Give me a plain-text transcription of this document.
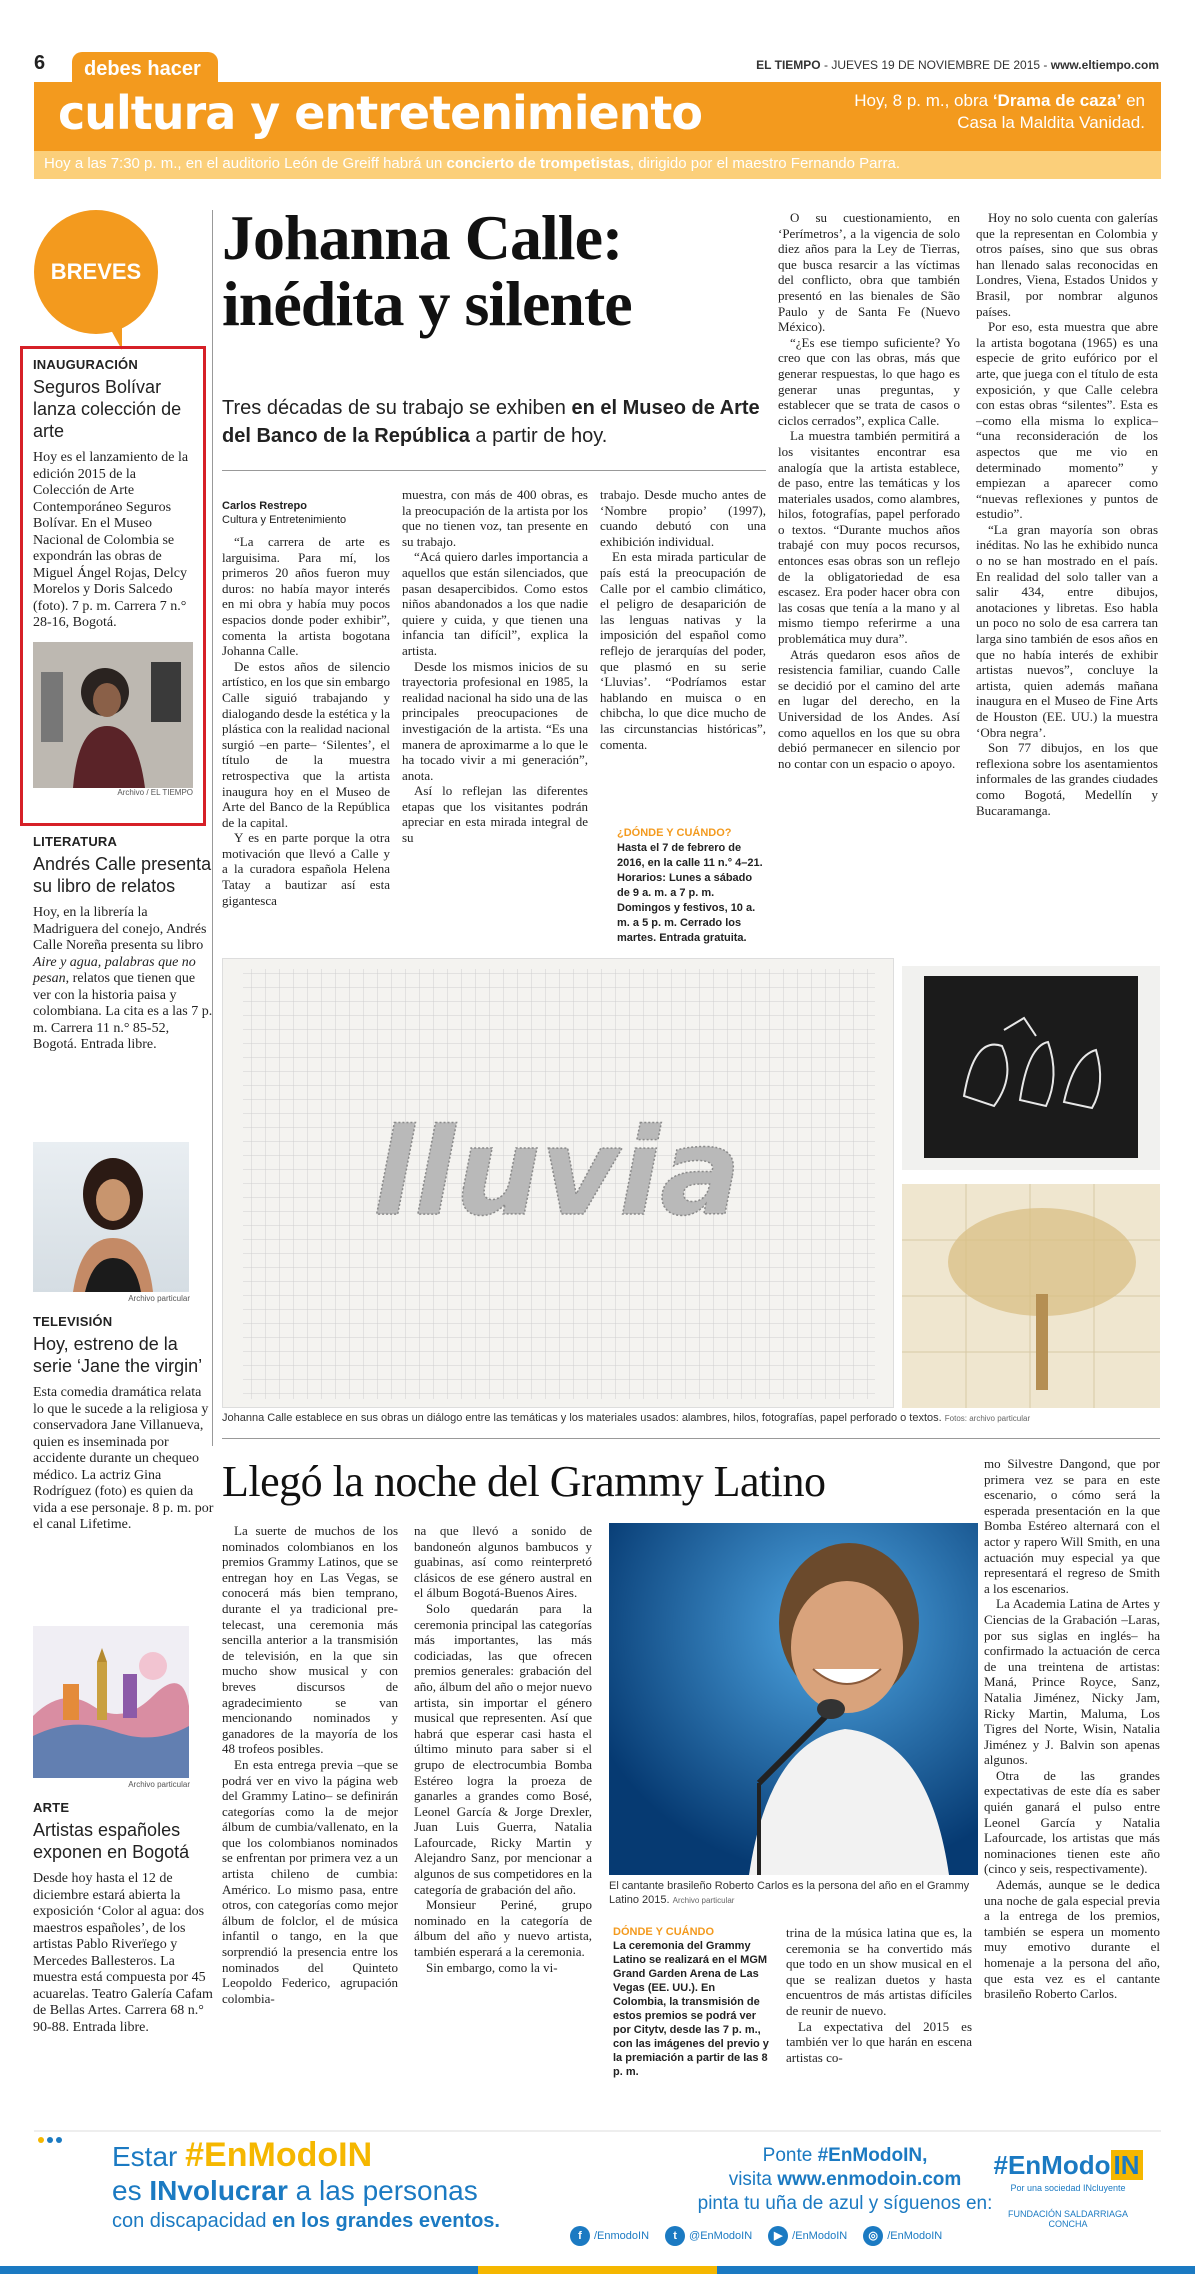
6	debes hacer	EL TIEMPO - JUEVES 19 DE NOVIEMBRE DE 2015 - www.eltiempo.com
cultura y entretenimiento	Hoy, 8 p. m., obra ‘Drama de caza’ en Casa la Maldita Vanidad.
Hoy a las 7:30 p. m., en el auditorio León de Greiff habrá un concierto de trompetistas, dirigido por el maestro Fernando Parra.
BREVES
INAUGURACIÓN
Seguros Bolívar lanza colección de arte
Hoy es el lanzamiento de la edición 2015 de la Colección de Arte Contemporáneo Seguros Bolívar. En el Museo Nacional de Colombia se expondrán las obras de Miguel Ángel Rojas, Delcy Morelos y Doris Salcedo (foto). 7 p. m. Carrera 7 n.° 28-16, Bogotá.
Archivo / EL TIEMPO
LITERATURA
Andrés Calle presenta su libro de relatos
Hoy, en la librería la Madriguera del conejo, Andrés Calle Noreña presenta su libro Aire y agua, palabras que no pesan, relatos que tienen que ver con la historia paisa y colombiana. La cita es a las 7 p. m. Carrera 11 n.° 85-52, Bogotá. Entrada libre.
Archivo particular
TELEVISIÓN
Hoy, estreno de la serie ‘Jane the virgin’
Esta comedia dramática relata lo que le sucede a la religiosa y conservadora Jane Villanueva, quien es inseminada por accidente durante un chequeo médico. La actriz Gina Rodríguez (foto) es quien da vida a ese personaje. 8 p. m. por el canal Lifetime.
Archivo particular
ARTE
Artistas españoles exponen en Bogotá
Desde hoy hasta el 12 de diciembre estará abierta la exposición ‘Color al agua: dos maestros españoles’, de los artistas Pablo Riverïego y Mercedes Ballesteros. La muestra está compuesta por 45 acuarelas. Teatro Galería Cafam de Bellas Artes. Carrera 68 n.° 90-88. Entrada libre.
Johanna Calle:
inédita y silente
Tres décadas de su trabajo se exhiben en el Museo de Arte del Banco de la República a partir de hoy.
Carlos Restrepo
Cultura y Entretenimiento

“La carrera de arte es larguisima. Para mí, los primeros 20 años fueron muy duros: no había mayor interés en mi obra y había muy pocos espacios donde poder exhibir”, comenta la artista bogotana Johanna Calle.

De estos años de silencio artístico, en los que sin embargo Calle siguió trabajando y dialogando desde la estética y la plástica con la realidad nacional surgió –en parte– ‘Silentes’, el título de la muestra retrospectiva que la artista inaugura hoy en el Museo de Arte del Banco de la República de la capital.

Y es en parte porque la otra motivación que llevó a Calle y a la curadora española Helena Tatay a bautizar así esta gigantesca

muestra, con más de 400 obras, es la preocupación de la artista por los que no tienen voz, tan presente en su trabajo.

“Acá quiero darles importancia a aquellos que están silenciados, que pasan desapercibidos. Como estos niños abandonados a los que nadie quiere y cuida, y que tienen una infancia tan difícil”, explica la artista.

Desde los mismos inicios de su trayectoria profesional en 1985, la realidad nacional ha sido una de las principales preocupaciones de investigación de la artista. “Es una manera de aproximarme a lo que le ha tocado vivir a mi generación”, anota.

Así lo reflejan las diferentes etapas que los visitantes podrán apreciar en esta mirada integral de su

trabajo. Desde mucho antes de ‘Nombre propio’ (1997), cuando debutó con una exhibición individual.

En esta mirada particular de país está la preocupación de Calle por el cambio climático, el peligro de desaparición de las lenguas nativas y la imposición del español como reflejo de jerarquías del poder, que plasmó en su serie ‘Lluvias’. “Podríamos estar hablando en muisca o en chibcha, lo que dice mucho de las circunstancias históricas”, comenta.

¿DÓNDE Y CUÁNDO?
Hasta el 7 de febrero de 2016, en la calle 11 n.° 4–21. Horarios: Lunes a sábado de 9 a. m. a 7 p. m. Domingos y festivos, 10 a. m. a 5 p. m. Cerrado los martes. Entrada gratuita.

O su cuestionamiento, en ‘Perímetros’, a la vigencia de solo diez años para la Ley de Tierras, que busca resarcir a las víctimas del conflicto, obra que también presentó en las bienales de São Paulo y de Santa Fe (Nuevo México).

“¿Es ese tiempo suficiente? Yo creo que con las obras, más que generar respuestas, lo que hago es generar unas preguntas, y establecer que se trata de casos o ciclos cerrados”, explica Calle.

La muestra también permitirá a los visitantes encontrar esa analogía que la artista establece, de paso, entre las temáticas y los materiales usados, como alambres, hilos, fotografías, papel perforado o textos. “Durante muchos años trabajé con muy pocos recursos, entonces esas obras son un reflejo de la obligatoriedad de esa escasez. Era poder hacer obra con las cosas que tenía a la mano y al mismo tiempo referirme a una problemática muy dura”.

Atrás quedaron esos años de resistencia familiar, cuando Calle se decidió por el camino del arte en lugar del derecho, en la Universidad de los Andes. Así como aquellos en los que su obra debió permanecer en silencio por no contar con un espacio o apoyo.

Hoy no solo cuenta con galerías que la representan en Colombia y otros países, sino que sus obras han llenado salas reconocidas en Londres, Viena, Estados Unidos y Brasil, por nombrar algunos países.

Por eso, esta muestra que abre la artista bogotana (1965) es una especie de grito eufórico por el arte, que juega con el título de esta exposición, y que Calle celebra con estas obras “silentes”. Esta es –como ella misma lo explica– “una reconsideración de los aspectos que me vio en determinado momento” y empiezan a aparecer como “nuevas reflexiones y puntos de estudio”.

“La gran mayoría son obras inéditas. No las he exhibido nunca o no se han mostrado en el país. En realidad del solo taller van a salir 434, entre dibujos, anotaciones y libretas. Eso habla un poco no solo de esa carrera tan larga sino también de esos años en que no había interés de exhibir artistas nuevos”, concluye la artista, quien además mañana inaugura en el Museo de Fine Arts de Houston (EE. UU.) la muestra ‘Obra negra’.

Son 77 dibujos, en los que reflexiona sobre los asentamientos informales de las grandes ciudades como Bogotá, Medellín y Bucaramanga.

lluvia
Johanna Calle establece en sus obras un diálogo entre las temáticas y los materiales usados: alambres, hilos, fotografías, papel perforado o textos. Fotos: archivo particular
Llegó la noche del Grammy Latino

La suerte de muchos de los nominados colombianos en los premios Grammy Latinos, que se entregan hoy en Las Vegas, se conocerá más bien temprano, durante el ya tradicional pre-telecast, una ceremonia más sencilla anterior a la transmisión de televisión, en la que sin mucho show musical y con breves discursos de agradecimiento se van mencionando nominados y ganadores de la mayoría de los 48 trofeos posibles.

En esta entrega previa –que se podrá ver en vivo la página web del Grammy Latino– se definirán categorías como la de mejor álbum de cumbia/vallenato, en la que los colombianos nominados se enfrentan por primera vez a un artista chileno de cumbia: Américo. Lo mismo pasa, entre otros, con categorías como mejor álbum de folclor, el de música infantil o tango, en la que sorprendió la presencia entre los nominados del Quinteto Leopoldo Federico, agrupación colombia-

na que llevó a sonido de bandoneón algunos bambucos y guabinas, así como reinterpretó clásicos de ese género austral en el álbum Bogotá-Buenos Aires.

Solo quedarán para la ceremonia principal las categorías más importantes, las más codiciadas, las que ofrecen premios generales: grabación del año, álbum del año o mejor nuevo artista, sin importar el género musical que representen. Así que habrá que esperar casi hasta el último minuto para saber si el grupo de electrocumbia Bomba Estéreo logra la proeza de ganarles a grandes como Bosé, Leonel García & Jorge Drexler, Juan Luis Guerra, Natalia Lafourcade, Ricky Martin y Alejandro Sanz, por mencionar a algunos de sus competidores en la categoría de grabación del año.

Monsieur Periné, grupo nominado en la categoría de álbum del año y nuevo artista, también esperará a la ceremonia.

Sin embargo, como la vi-

El cantante brasileño Roberto Carlos es la persona del año en el Grammy Latino 2015. Archivo particular
DÓNDE Y CUÁNDO
La ceremonia del Grammy Latino se realizará en el MGM Grand Garden Arena de Las Vegas (EE. UU.). En Colombia, la transmisión de estos premios se podrá ver por Citytv, desde las 7 p. m., con las imágenes del previo y la premiación a partir de las 8 p. m.

trina de la música latina que es, la ceremonia se ha convertido más que todo en un show musical en el que se realizan duetos y hasta encuentros de más artistas difíciles de reunir de nuevo.

La expectativa del 2015 es también ver lo que harán en escena artistas co-

mo Silvestre Dangond, que por primera vez se para en este escenario, o cómo será la esperada presentación en la que Bomba Estéreo alternará con el actor y rapero Will Smith, en una actuación muy especial ya que representará el regreso de Smith a los escenarios.

La Academia Latina de Artes y Ciencias de la Grabación –Laras, por sus siglas en inglés– ha confirmado la actuación de cerca de una treintena de artistas: Maná, Prince Royce, Sanz, Natalia Jiménez, Nicky Jam, Ricky Martin, Maluma, Los Tigres del Norte, Wisin, Natalia Jiménez y J. Balvin son apenas algunos.

Otra de las grandes expectativas de este día es saber quién ganará el pulso entre Leonel García y Natalia Lafourcade, los artistas que más nominaciones tienen este año (cinco y seis, respectivamente).

Además, aunque se le dedica una noche de gala especial previa a la entrega de los premios, también se espera un momento muy emotivo durante el homenaje a la persona del año, que esta vez es el cantante brasileño Roberto Carlos.

Estar #EnModoIN
es INvolucrar a las personas
con discapacidad en los grandes eventos.
Ponte #EnModoIN,
visita www.enmodoin.com
pinta tu uña de azul y síguenos en:
f /EnmodoIN	t @EnModoIN	▶ /EnModoIN	◎ /EnModoIN
#EnModo IN
Por una sociedad INcluyente
FUNDACIÓN SALDARRIAGA CONCHA
